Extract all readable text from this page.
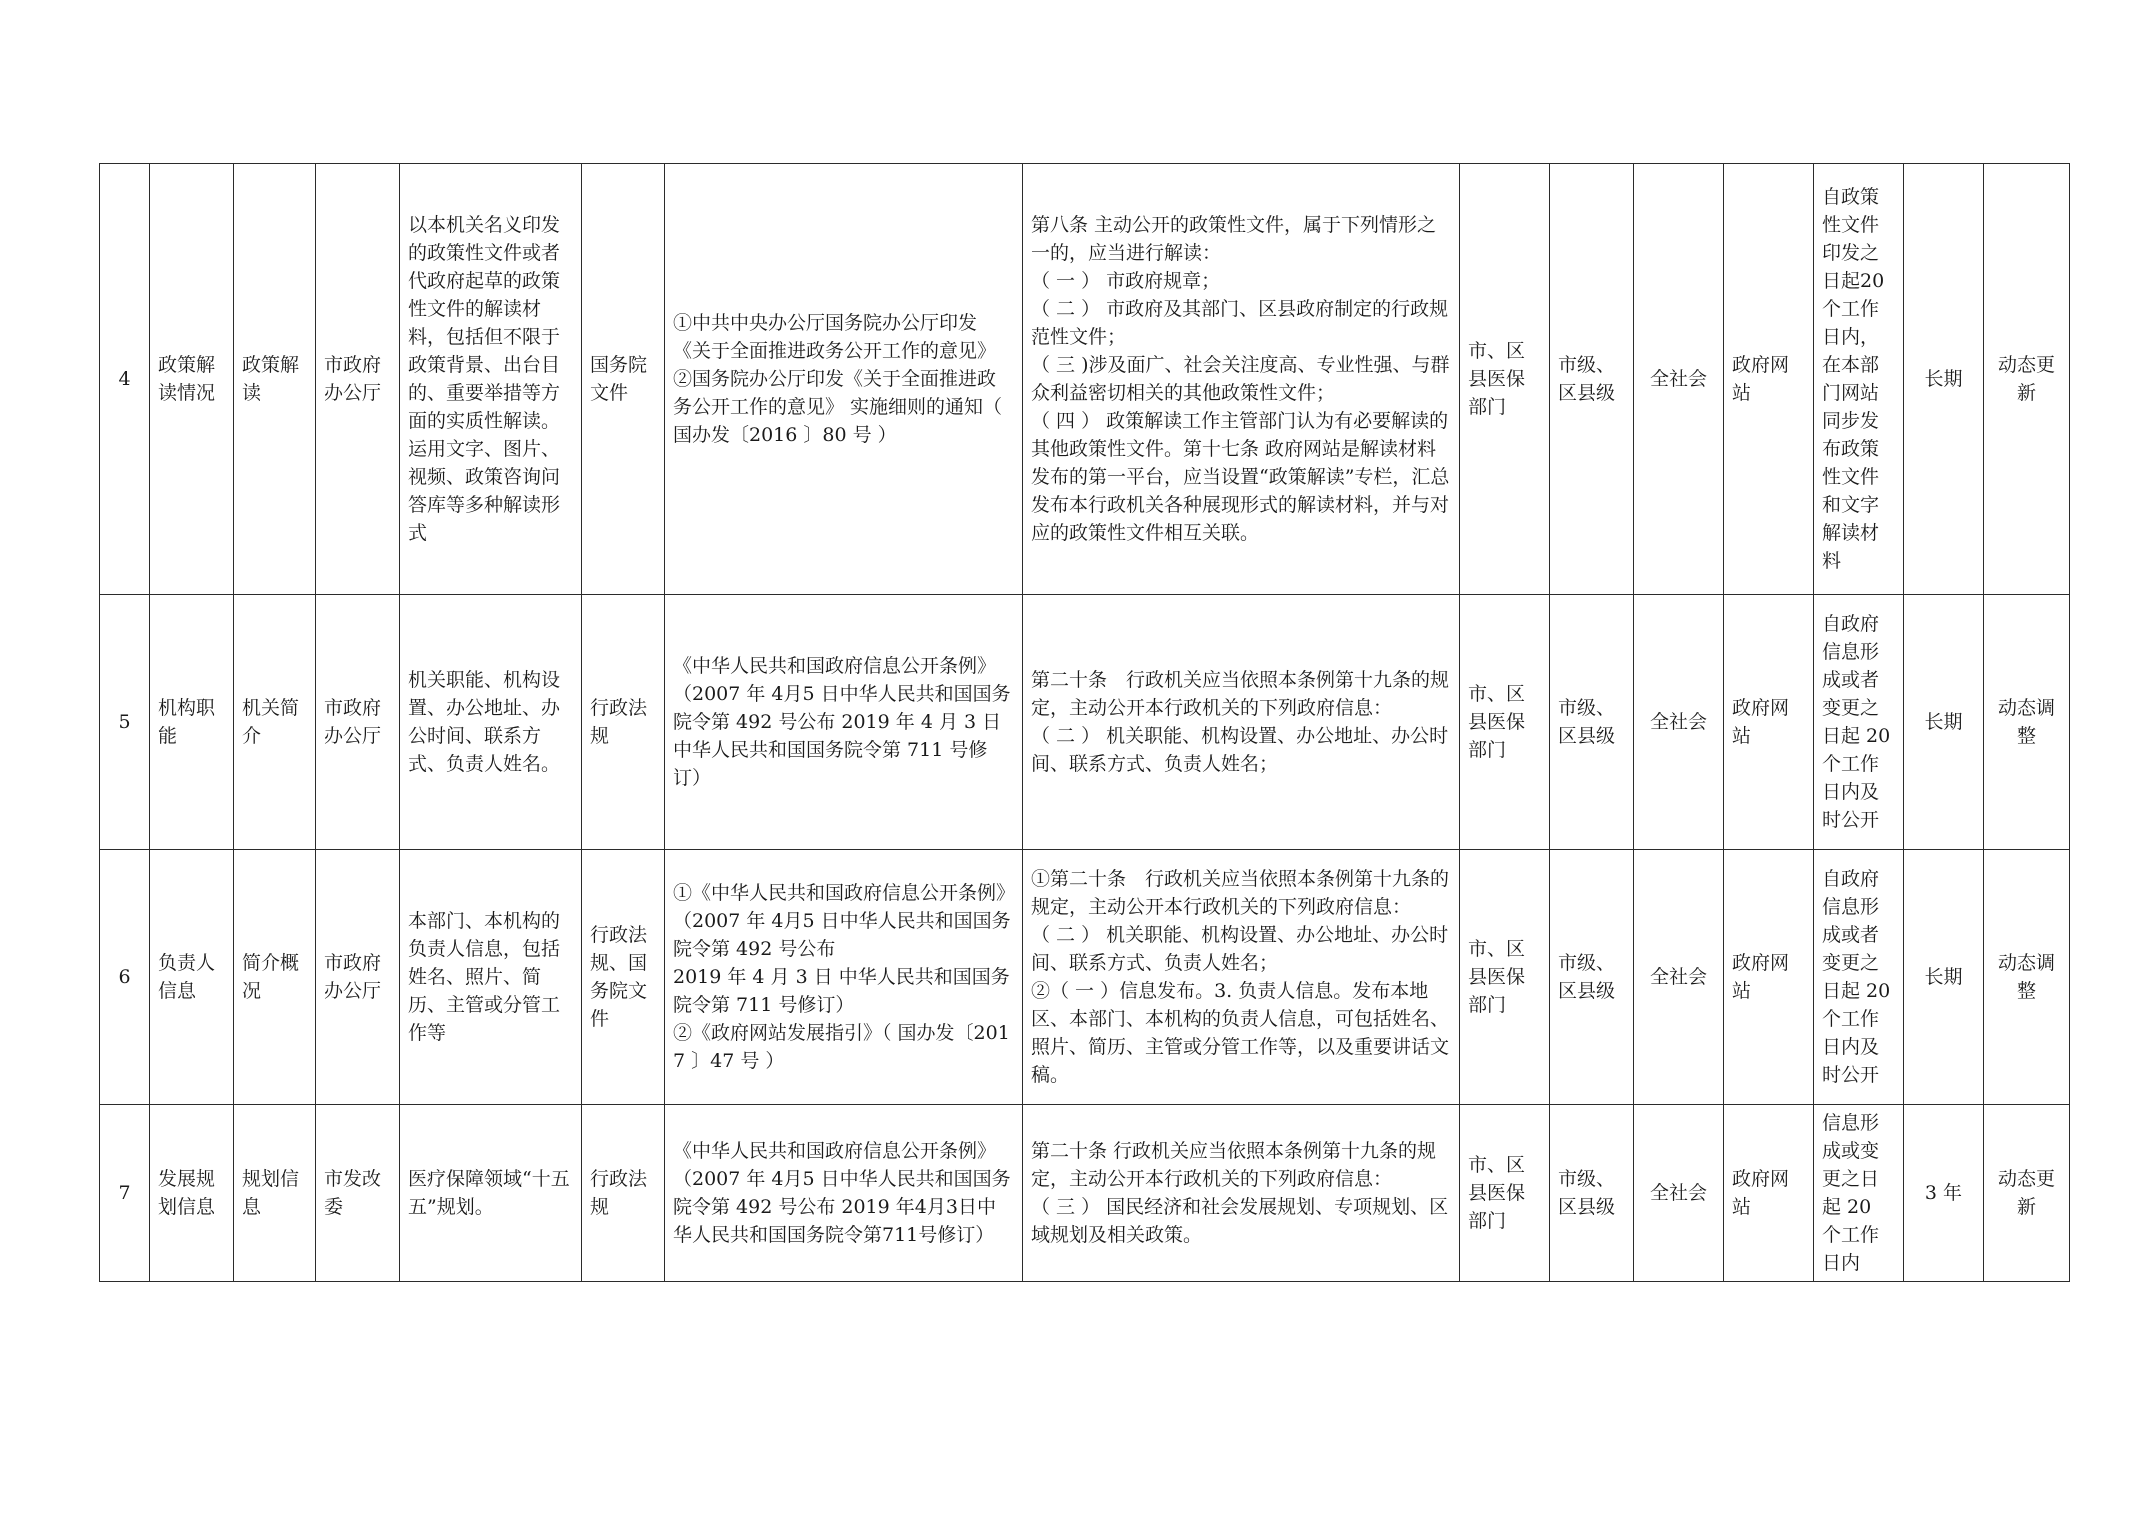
4	政策解读情况	政策解读	市政府办公厅	以本机关名义印发的政策性文件或者代政府起草的政策性文件的解读材料，包括但不限于政策背景、出台目的、重要举措等方面的实质性解读。运用文字、图片、视频、政策咨询问答库等多种解读形式	国务院文件	①中共中央办公厅国务院办公厅印发《关于全面推进政务公开工作的意见》
②国务院办公厅印发《关于全面推进政务公开工作的意见》 实施细则的通知（ 国办发〔2016 〕80 号 ）	第八条 主动公开的政策性文件，属于下列情形之一的，应当进行解读：
（ 一 ） 市政府规章；
（ 二 ） 市政府及其部门、区县政府制定的行政规范性文件；
（ 三 )涉及面广、社会关注度高、专业性强、与群众利益密切相关的其他政策性文件；
（ 四 ） 政策解读工作主管部门认为有必要解读的其他政策性文件。第十七条 政府网站是解读材料发布的第一平台，应当设置“政策解读”专栏，汇总发布本行政机关各种展现形式的解读材料，并与对应的政策性文件相互关联。	市、区县医保部门	市级、区县级	全社会	政府网站	自政策性文件印发之日起20个工作日内，在本部门网站同步发布政策性文件和文字解读材料	长期	动态更新
5	机构职能	机关简介	市政府办公厅	机关职能、机构设置、办公地址、办公时间、联系方式、负责人姓名。	行政法规	《中华人民共和国政府信息公开条例》（2007 年 4月5 日中华人民共和国国务院令第 492 号公布 2019 年 4 月 3 日中华人民共和国国务院令第 711 号修订）	第二十条　行政机关应当依照本条例第十九条的规定，主动公开本行政机关的下列政府信息：
（ 二 ） 机关职能、机构设置、办公地址、办公时间、联系方式、负责人姓名；	市、区县医保部门	市级、区县级	全社会	政府网站	自政府信息形成或者变更之日起 20 个工作日内及时公开	长期	动态调整
6	负责人信息	简介概况	市政府办公厅	本部门、本机构的负责人信息，包括姓名、照片、简历、主管或分管工作等	行政法规、国务院文件	①《中华人民共和国政府信息公开条例》（2007 年 4月5 日中华人民共和国国务院令第 492 号公布
2019 年 4 月 3 日 中华人民共和国国务院令第 711 号修订）
②《政府网站发展指引》（ 国办发〔2017 〕47 号 ）	①第二十条　行政机关应当依照本条例第十九条的规定，主动公开本行政机关的下列政府信息：
（ 二 ） 机关职能、机构设置、办公地址、办公时间、联系方式、负责人姓名；
②（ 一 ）信息发布。3. 负责人信息。发布本地区、本部门、本机构的负责人信息，可包括姓名、照片、简历、主管或分管工作等，以及重要讲话文稿。	市、区县医保部门	市级、区县级	全社会	政府网站	自政府信息形成或者变更之日起 20 个工作日内及时公开	长期	动态调整
7	发展规划信息	规划信息	市发改委	医疗保障领域“十五五”规划。	行政法规	《中华人民共和国政府信息公开条例》（2007 年 4月5 日中华人民共和国国务院令第 492 号公布 2019 年4月3日中华人民共和国国务院令第711号修订）	第二十条 行政机关应当依照本条例第十九条的规定，主动公开本行政机关的下列政府信息：
（ 三 ） 国民经济和社会发展规划、专项规划、区域规划及相关政策。	市、区县医保部门	市级、区县级	全社会	政府网站	信息形成或变更之日起 20 个工作日内	3 年	动态更新
